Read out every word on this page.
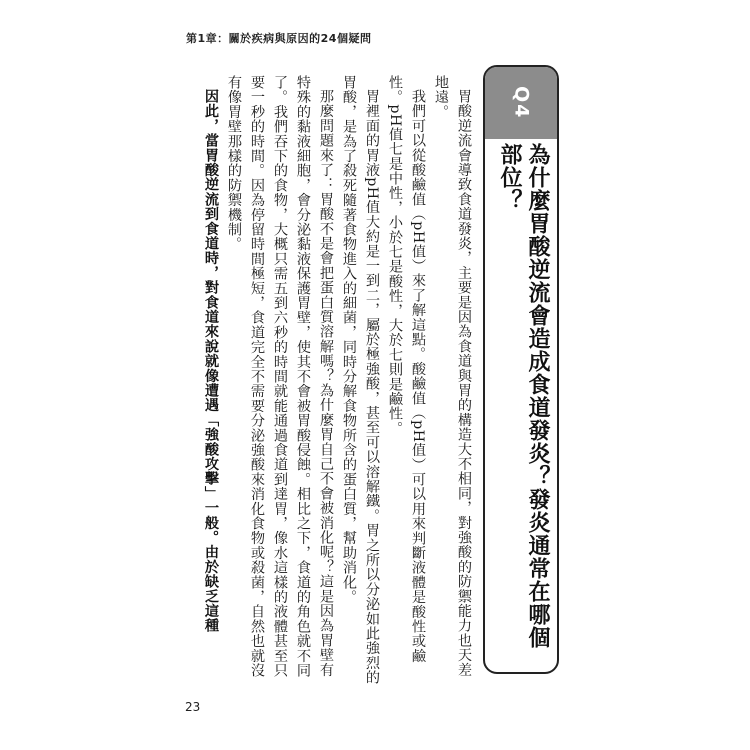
第1章：關於疾病與原因的24個疑問
Q4
為什麼胃酸逆流會造成食道發炎？發炎通常在哪個部位？

胃酸逆流會導致食道發炎，主要是因為食道與胃的構造大不相同，對強酸的防禦能力也天差地遠。

我們可以從酸鹼值（pH值）來了解這點。酸鹼值（pH值）可以用來判斷液體是酸性或鹼性。pH值七是中性，小於七是酸性，大於七則是鹼性。

胃裡面的胃液pH值大約是一到二，屬於極強酸，甚至可以溶解鐵。胃之所以分泌如此強烈的胃酸，是為了殺死隨著食物進入的細菌，同時分解食物所含的蛋白質，幫助消化。

那麼問題來了：胃酸不是會把蛋白質溶解嗎？為什麼胃自己不會被消化呢？這是因為胃壁有特殊的黏液細胞，會分泌黏液保護胃壁，使其不會被胃酸侵蝕。相比之下，食道的角色就不同了。我們吞下的食物，大概只需五到六秒的時間就能通過食道到達胃，像水這樣的液體甚至只要一秒的時間。因為停留時間極短，食道完全不需要分泌強酸來消化食物或殺菌，自然也就沒有像胃壁那樣的防禦機制。

因此，當胃酸逆流到食道時，對食道來說就像遭遇「強酸攻擊」一般。由於缺乏這種

23
